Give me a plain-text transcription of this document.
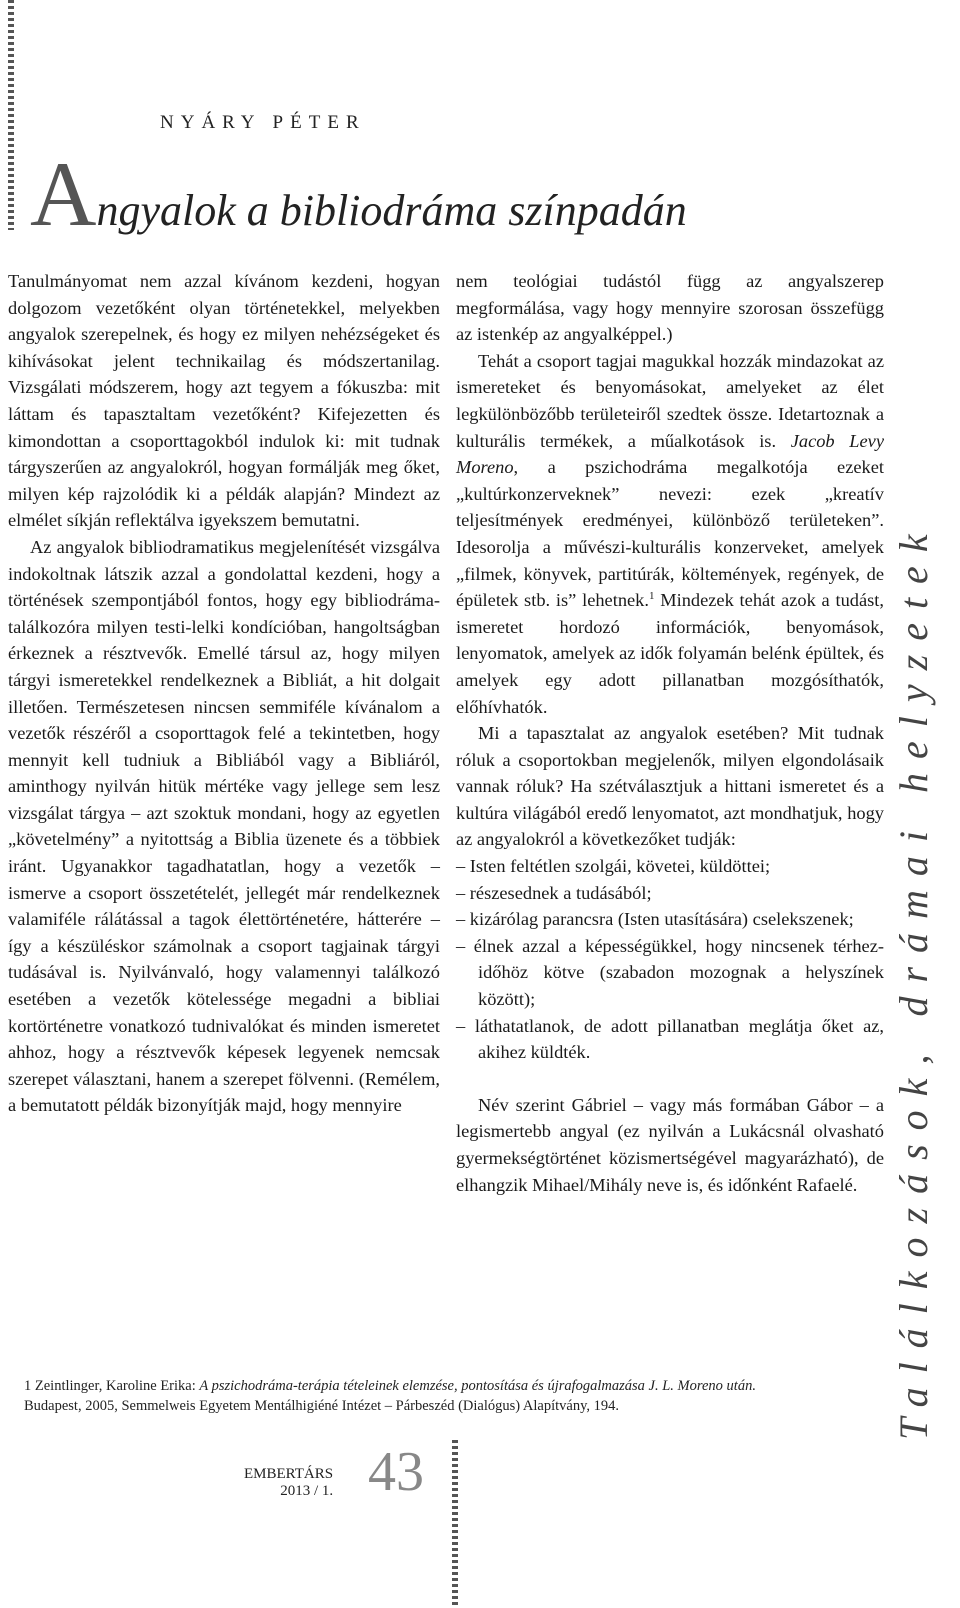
NYÁRY PÉTER
Angyalok a bibliodráma színpadán

Tanulmányomat nem azzal kívánom kezdeni, hogyan dolgozom vezetőként olyan történetekkel, melyekben angyalok szerepelnek, és hogy ez milyen nehézségeket és kihívásokat jelent technikailag és módszertanilag. Vizsgálati módszerem, hogy azt tegyem a fókuszba: mit láttam és tapasztaltam vezetőként? Kifejezetten és kimondottan a csoporttagokból indulok ki: mit tudnak tárgyszerűen az angyalokról, hogyan formálják meg őket, milyen kép rajzolódik ki a példák alapján? Mindezt az elmélet síkján reflektálva igyekszem bemutatni.

Az angyalok bibliodramatikus megjelenítését vizsgálva indokoltnak látszik azzal a gondolattal kezdeni, hogy a történések szempontjából fontos, hogy egy bibliodráma-találkozóra milyen testi-lelki kondícióban, hangoltságban érkeznek a résztvevők. Emellé társul az, hogy milyen tárgyi ismeretekkel rendelkeznek a Bibliát, a hit dolgait illetően. Természetesen nincsen semmiféle kívánalom a vezetők részéről a csoporttagok felé a tekintetben, hogy mennyit kell tudniuk a Bibliából vagy a Bibliáról, aminthogy nyilván hitük mértéke vagy jellege sem lesz vizsgálat tárgya – azt szoktuk mondani, hogy az egyetlen „követelmény” a nyitottság a Biblia üzenete és a többiek iránt. Ugyanakkor tagadhatatlan, hogy a vezetők – ismerve a csoport összetételét, jellegét már rendelkeznek valamiféle rálátással a tagok élettörténetére, hátterére – így a készüléskor számolnak a csoport tagjainak tárgyi tudásával is. Nyilvánvaló, hogy valamennyi találkozó esetében a vezetők kötelessége megadni a bibliai kortörténetre vonatkozó tudnivalókat és minden ismeretet ahhoz, hogy a résztvevők képesek legyenek nemcsak szerepet választani, hanem a szerepet fölvenni. (Remélem, a bemutatott példák bizonyítják majd, hogy mennyire

nem teológiai tudástól függ az angyalszerep megformálása, vagy hogy mennyire szorosan összefügg az istenkép az angyalképpel.)

Tehát a csoport tagjai magukkal hozzák mindazokat az ismereteket és benyomásokat, amelyeket az élet legkülönbözőbb területeiről szedtek össze. Idetartoznak a kulturális termékek, a műalkotások is. Jacob Levy Moreno, a pszichodráma megalkotója ezeket „kultúrkonzerveknek” nevezi: ezek „kreatív teljesítmények eredményei, különböző területeken”. Idesorolja a művészi-kulturális konzerveket, amelyek „filmek, könyvek, partitúrák, költemények, regények, de épületek stb. is” lehetnek.$^1$ Mindezek tehát azok a tudást, ismeretet hordozó információk, benyomások, lenyomatok, amelyek az idők folyamán belénk épültek, és amelyek egy adott pillanatban mozgósíthatók, előhívhatók.

Mi a tapasztalat az angyalok esetében? Mit tudnak róluk a csoportokban megjelenők, milyen elgondolásaik vannak róluk? Ha szétválasztjuk a hittani ismeretet és a kultúra világából eredő lenyomatot, azt mondhatjuk, hogy az angyalokról a következőket tudják:

– Isten feltétlen szolgái, követei, küldöttei;
– részesednek a tudásából;
– kizárólag parancsra (Isten utasítására) cselekszenek;
– élnek azzal a képességükkel, hogy nincsenek térhez-időhöz kötve (szabadon mozognak a helyszínek között);
– láthatatlanok, de adott pillanatban meglátja őket az, akihez küldték.

Név szerint Gábriel – vagy más formában Gábor – a legismertebb angyal (ez nyilván a Lukácsnál olvasható gyermekségtörténet közismertségével magyarázható), de elhangzik Mihael/Mihály neve is, és időnként Rafaelé. Találkozások, drámai helyzetek
1 Zeintlinger, Karoline Erika: A pszichodráma-terápia tételeinek elemzése, pontosítása és újrafogalmazása J. L. Moreno után.
Budapest, 2005, Semmelweis Egyetem Mentálhigiéné Intézet – Párbeszéd (Dialógus) Alapítvány, 194.
EMBERTÁRS
2013 / 1. 43
